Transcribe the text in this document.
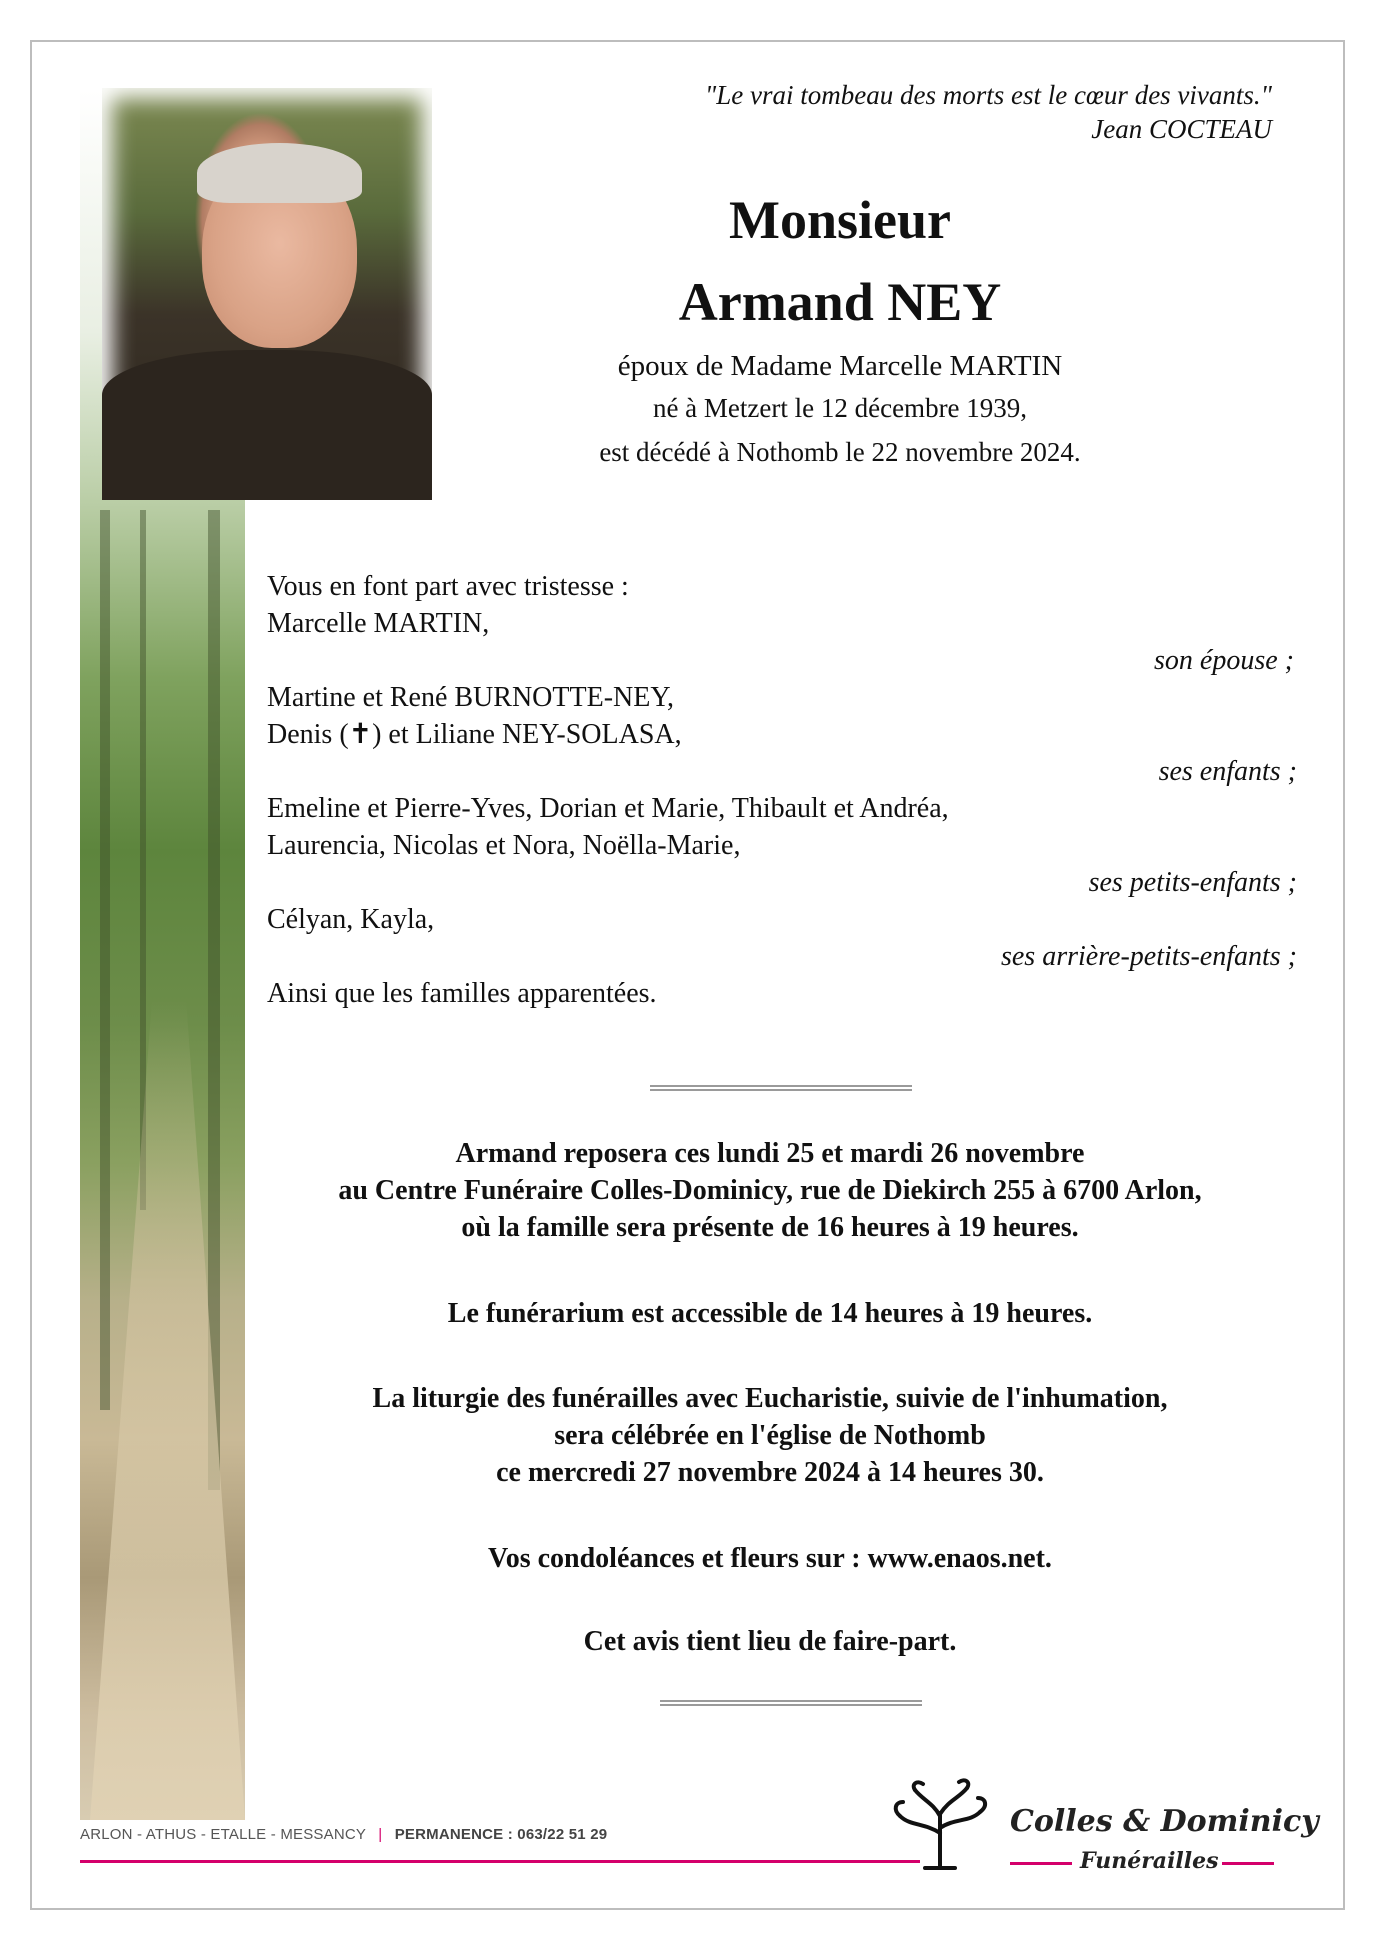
"Le vrai tombeau des morts est le cœur des vivants."
Jean COCTEAU
Monsieur
Armand NEY
époux de Madame Marcelle MARTIN
né à Metzert le 12 décembre 1939,
est décédé à Nothomb le 22 novembre 2024.
Vous en font part avec tristesse :
Marcelle MARTIN,
son épouse ;
Martine et René BURNOTTE-NEY,
Denis (✝) et Liliane NEY-SOLASA,
ses enfants ;
Emeline et Pierre-Yves, Dorian et Marie, Thibault et Andréa,
Laurencia, Nicolas et Nora, Noëlla-Marie,
ses petits-enfants ;
Célyan, Kayla,
ses arrière-petits-enfants ;
Ainsi que les familles apparentées.
Armand reposera ces lundi 25 et mardi 26 novembre
au Centre Funéraire Colles-Dominicy, rue de Diekirch 255 à 6700 Arlon,
où la famille sera présente de 16 heures à 19 heures.
Le funérarium est accessible de 14 heures à 19 heures.
La liturgie des funérailles avec Eucharistie, suivie de l'inhumation,
sera célébrée en l'église de Nothomb
ce mercredi 27 novembre 2024 à 14 heures 30.
Vos condoléances et fleurs sur : www.enaos.net.
Cet avis tient lieu de faire-part.
ARLON - ATHUS - ETALLE - MESSANCY | PERMANENCE : 063/22 51 29	Colles & Dominicy
Funérailles
